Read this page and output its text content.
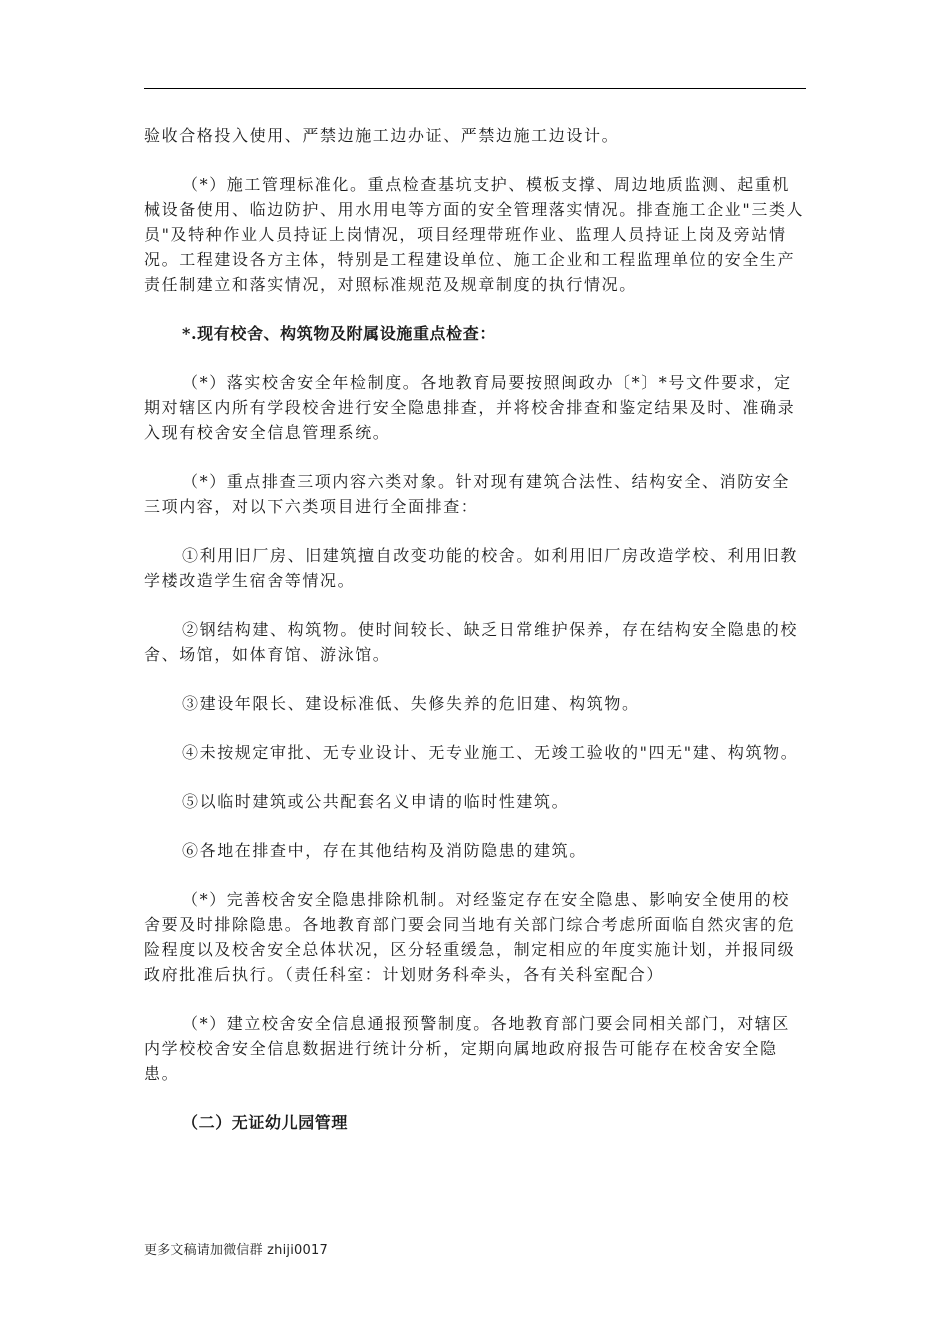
验收合格投入使用、严禁边施工边办证、严禁边施工边设计。

（*）施工管理标准化。重点检查基坑支护、模板支撑、周边地质监测、起重机械设备使用、临边防护、用水用电等方面的安全管理落实情况。排查施工企业"三类人员"及特种作业人员持证上岗情况，项目经理带班作业、监理人员持证上岗及旁站情况。工程建设各方主体，特别是工程建设单位、施工企业和工程监理单位的安全生产责任制建立和落实情况，对照标准规范及规章制度的执行情况。

*.现有校舍、构筑物及附属设施重点检查：

（*）落实校舍安全年检制度。各地教育局要按照闽政办〔*〕*号文件要求，定期对辖区内所有学段校舍进行安全隐患排查，并将校舍排查和鉴定结果及时、准确录入现有校舍安全信息管理系统。

（*）重点排查三项内容六类对象。针对现有建筑合法性、结构安全、消防安全三项内容，对以下六类项目进行全面排查：

①利用旧厂房、旧建筑擅自改变功能的校舍。如利用旧厂房改造学校、利用旧教学楼改造学生宿舍等情况。

②钢结构建、构筑物。使时间较长、缺乏日常维护保养，存在结构安全隐患的校舍、场馆，如体育馆、游泳馆。

③建设年限长、建设标准低、失修失养的危旧建、构筑物。

④未按规定审批、无专业设计、无专业施工、无竣工验收的"四无"建、构筑物。

⑤以临时建筑或公共配套名义申请的临时性建筑。

⑥各地在排查中，存在其他结构及消防隐患的建筑。

（*）完善校舍安全隐患排除机制。对经鉴定存在安全隐患、影响安全使用的校舍要及时排除隐患。各地教育部门要会同当地有关部门综合考虑所面临自然灾害的危险程度以及校舍安全总体状况，区分轻重缓急，制定相应的年度实施计划，并报同级政府批准后执行。（责任科室：计划财务科牵头，各有关科室配合）

（*）建立校舍安全信息通报预警制度。各地教育部门要会同相关部门，对辖区内学校校舍安全信息数据进行统计分析，定期向属地政府报告可能存在校舍安全隐患。

（二）无证幼儿园管理

更多文稿请加微信群 zhiji0017
